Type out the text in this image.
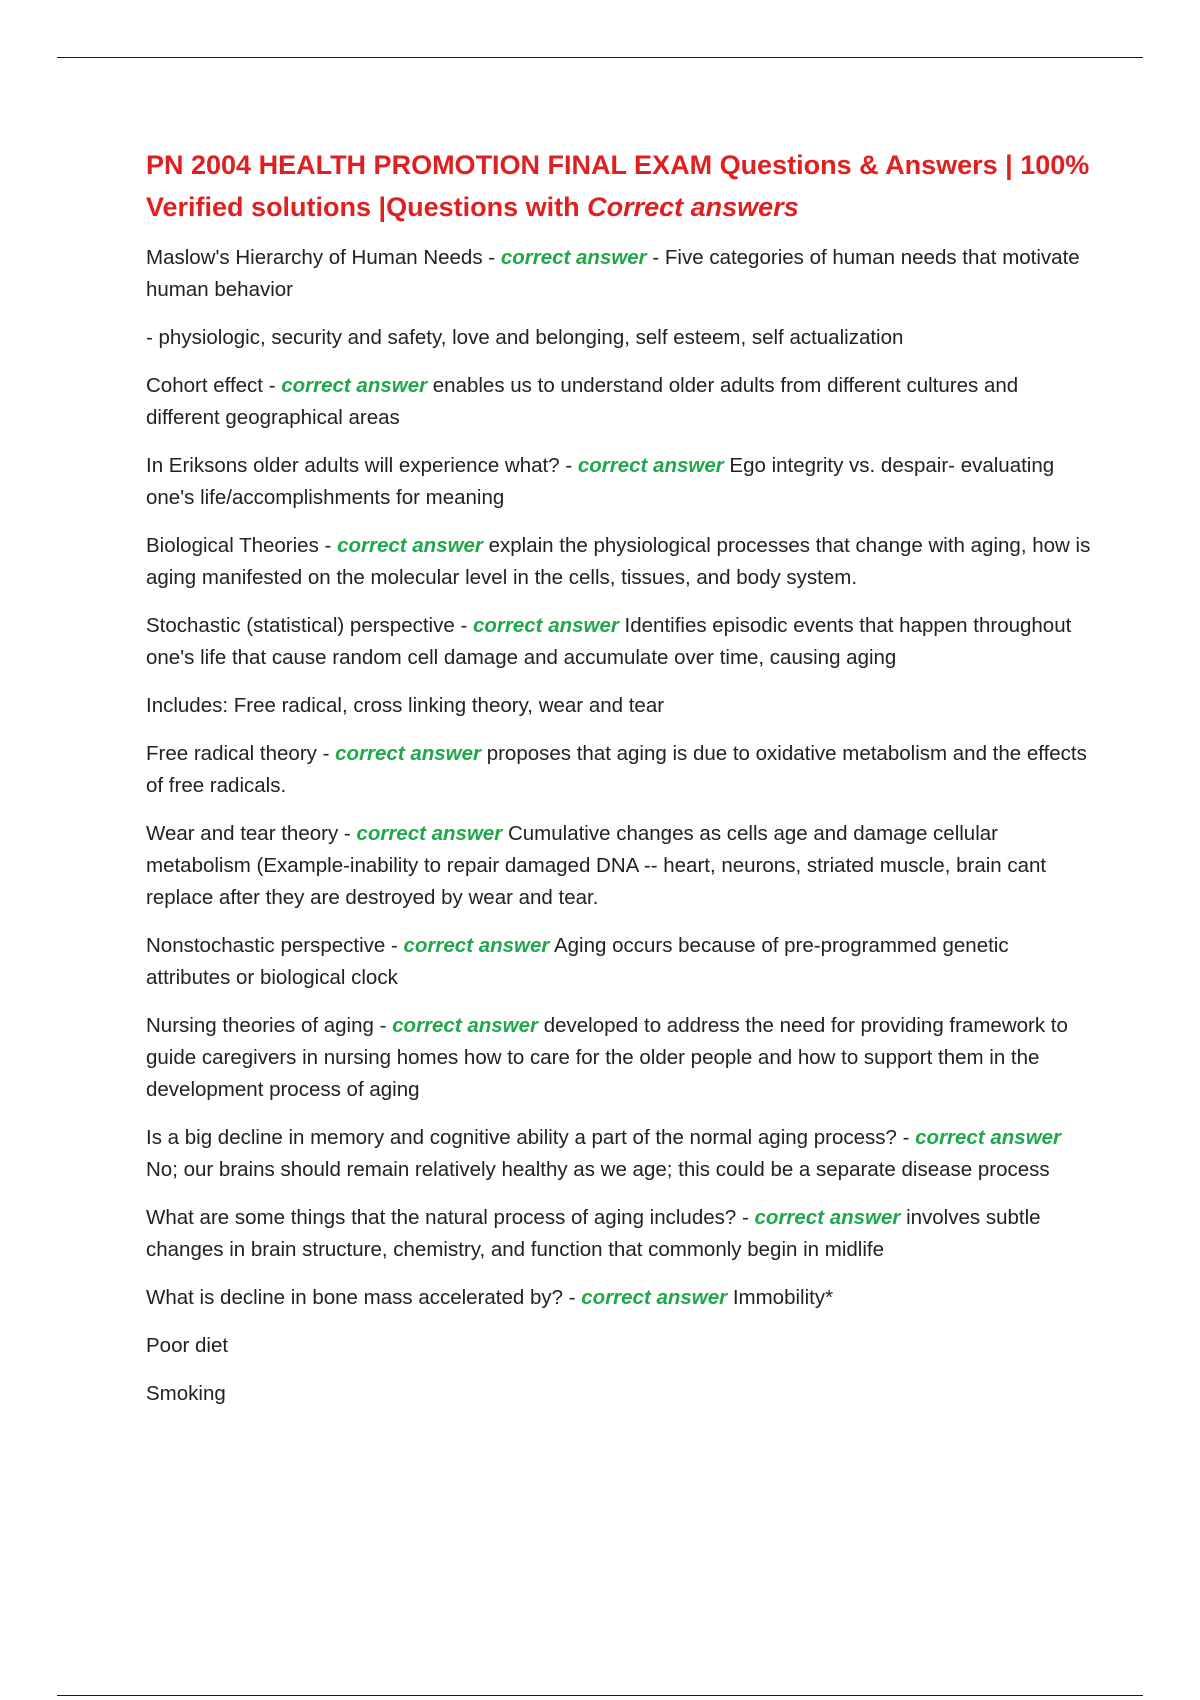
PN 2004 HEALTH PROMOTION FINAL EXAM Questions & Answers | 100% Verified solutions |Questions with Correct answers

Maslow's Hierarchy of Human Needs - correct answer - Five categories of human needs that motivate human behavior

- physiologic, security and safety, love and belonging, self esteem, self actualization

Cohort effect - correct answer enables us to understand older adults from different cultures and different geographical areas

In Eriksons older adults will experience what? - correct answer Ego integrity vs. despair- evaluating one's life/accomplishments for meaning

Biological Theories - correct answer explain the physiological processes that change with aging, how is aging manifested on the molecular level in the cells, tissues, and body system.

Stochastic (statistical) perspective - correct answer Identifies episodic events that happen throughout one's life that cause random cell damage and accumulate over time, causing aging

Includes: Free radical, cross linking theory, wear and tear

Free radical theory - correct answer proposes that aging is due to oxidative metabolism and the effects of free radicals.

Wear and tear theory - correct answer Cumulative changes as cells age and damage cellular metabolism (Example-inability to repair damaged DNA -- heart, neurons, striated muscle, brain cant replace after they are destroyed by wear and tear.

Nonstochastic perspective - correct answer Aging occurs because of pre-programmed genetic attributes or biological clock

Nursing theories of aging - correct answer developed to address the need for providing framework to guide caregivers in nursing homes how to care for the older people and how to support them in the development process of aging

Is a big decline in memory and cognitive ability a part of the normal aging process? - correct answer No; our brains should remain relatively healthy as we age; this could be a separate disease process

What are some things that the natural process of aging includes? - correct answer involves subtle changes in brain structure, chemistry, and function that commonly begin in midlife

What is decline in bone mass accelerated by? - correct answer Immobility*

Poor diet

Smoking
